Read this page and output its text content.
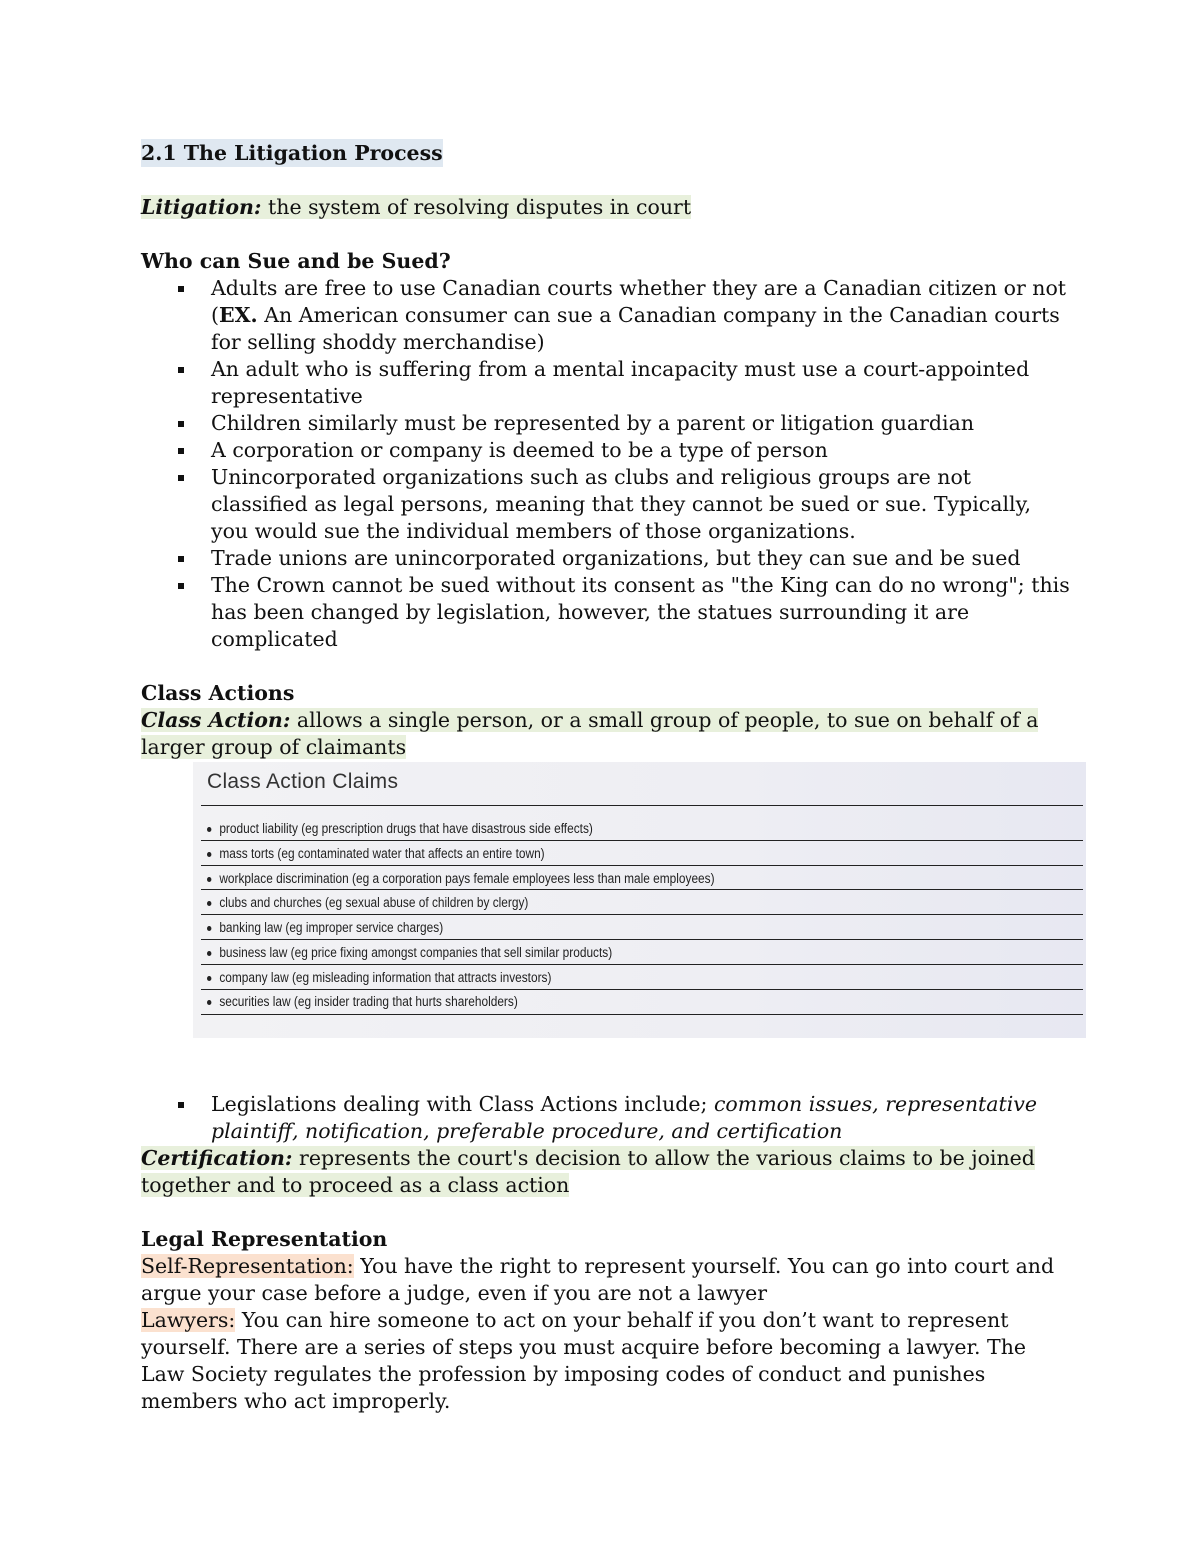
2.1 The Litigation Process
Litigation: the system of resolving disputes in court
Who can Sue and be Sued?
Adults are free to use Canadian courts whether they are a Canadian citizen or not (EX. An American consumer can sue a Canadian company in the Canadian courts for selling shoddy merchandise)
An adult who is suffering from a mental incapacity must use a court-appointed representative
Children similarly must be represented by a parent or litigation guardian
A corporation or company is deemed to be a type of person
Unincorporated organizations such as clubs and religious groups are not classified as legal persons, meaning that they cannot be sued or sue. Typically, you would sue the individual members of those organizations.
Trade unions are unincorporated organizations, but they can sue and be sued
The Crown cannot be sued without its consent as "the King can do no wrong"; this has been changed by legislation, however, the statues surrounding it are complicated
Class Actions
Class Action: allows a single person, or a small group of people, to sue on behalf of a larger group of claimants
Legislations dealing with Class Actions include; common issues, representative plaintiff, notification, preferable procedure, and certification
Certification: represents the court's decision to allow the various claims to be joined together and to proceed as a class action
Legal Representation
Self-Representation: You have the right to represent yourself. You can go into court and argue your case before a judge, even if you are not a lawyer
Lawyers: You can hire someone to act on your behalf if you don’t want to represent yourself. There are a series of steps you must acquire before becoming a lawyer. The Law Society regulates the profession by imposing codes of conduct and punishes members who act improperly.
Class Action Claims
product liability (eg prescription drugs that have disastrous side effects)
mass torts (eg contaminated water that affects an entire town)
workplace discrimination (eg a corporation pays female employees less than male employees)
clubs and churches (eg sexual abuse of children by clergy)
banking law (eg improper service charges)
business law (eg price fixing amongst companies that sell similar products)
company law (eg misleading information that attracts investors)
securities law (eg insider trading that hurts shareholders)
